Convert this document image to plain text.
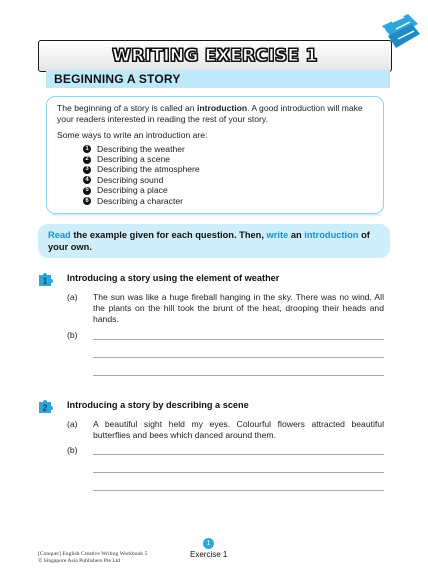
WRITING EXERCISE 1
BEGINNING A STORY

The beginning of a story is called an introduction. A good introduction will make your readers interested in reading the rest of your story.

Some ways to write an introduction are:

1 Describing the weather
2 Describing a scene
3 Describing the atmosphere
4 Describing sound
5 Describing a place
6 Describing a character
Read the example given for each question. Then, write an introduction of your own.
1 Introducing a story using the element of weather
(a) The sun was like a huge fireball hanging in the sky. There was no wind. All the plants on the hill took the brunt of the heat, drooping their heads and hands.
(b)
2 Introducing a story by describing a scene
(a) A beautiful sight held my eyes. Colourful flowers attracted beautiful butterflies and bees which danced around them.
(b)
[Conquer] English Creative Writing Workbook 5
© Singapore Asia Publishers Pte Ltd
1
Exercise 1
